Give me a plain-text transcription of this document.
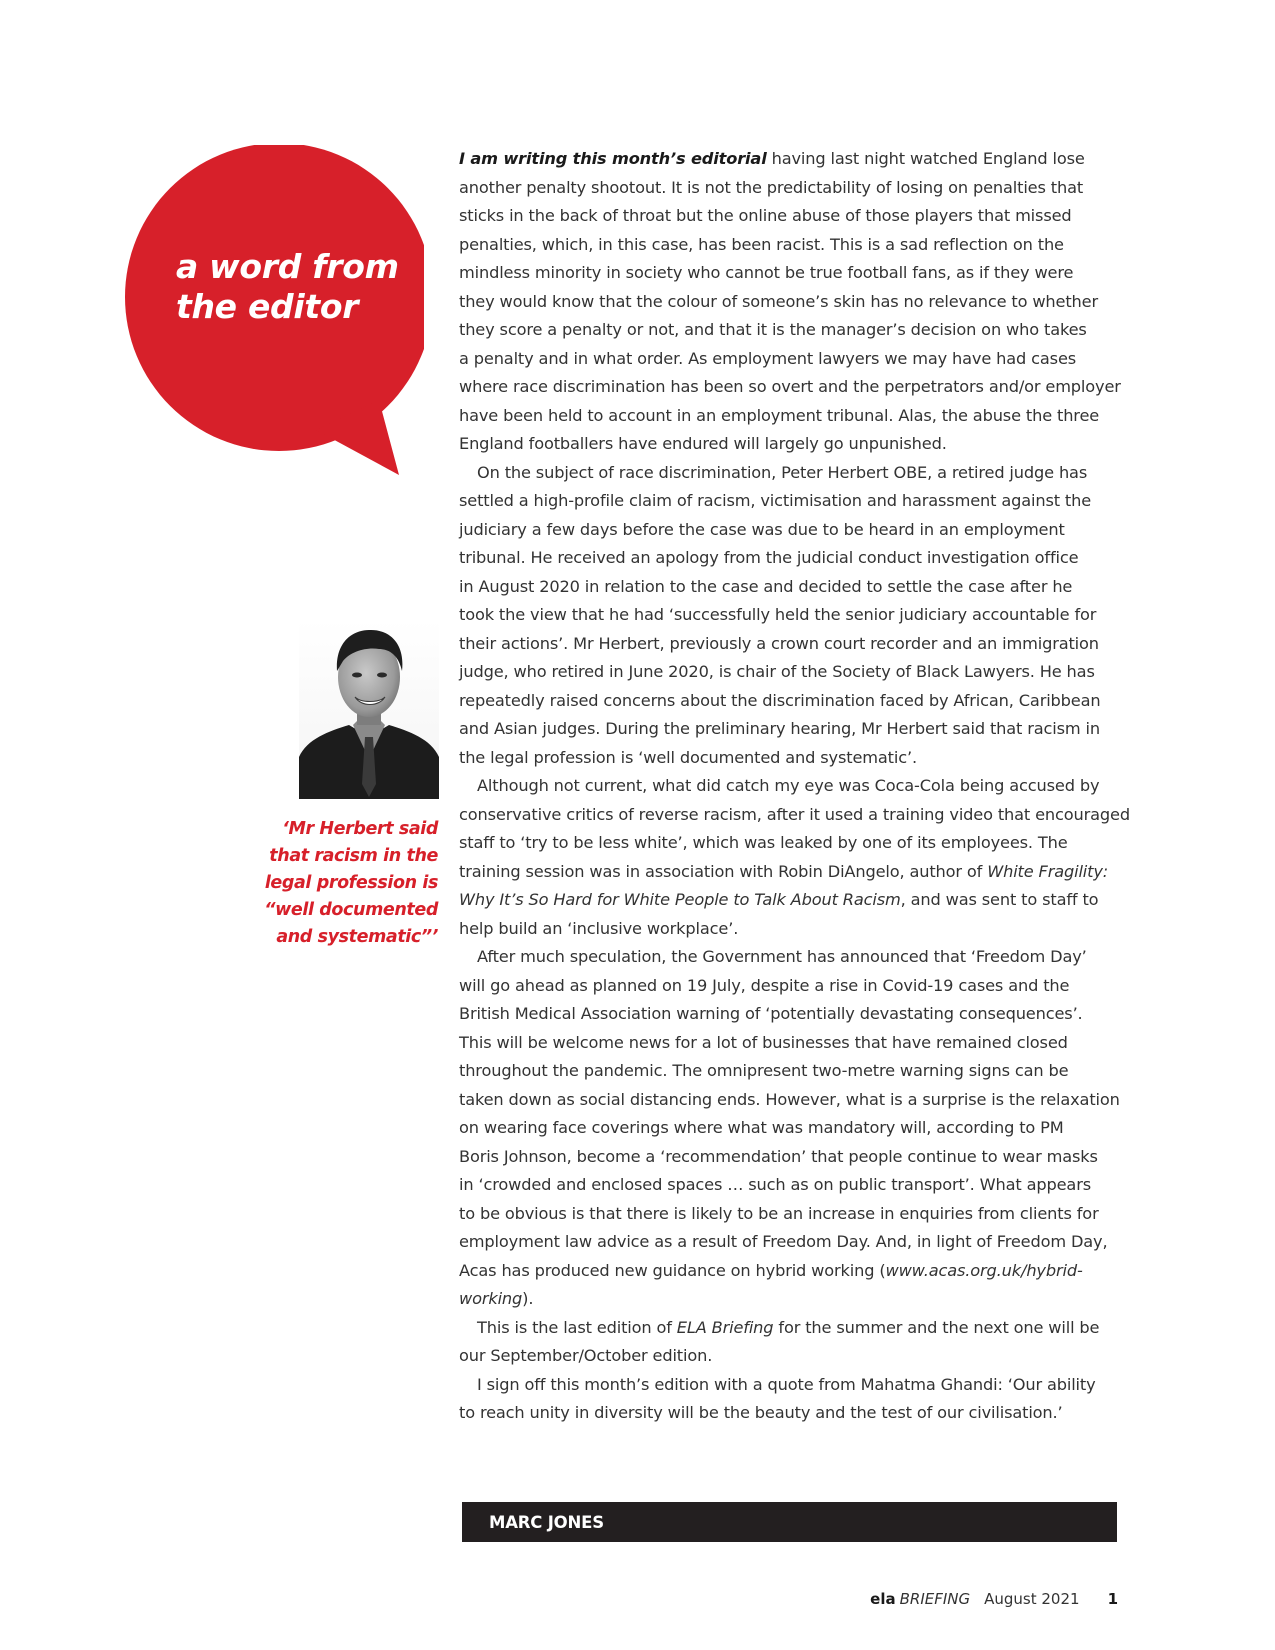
a word from
the editor
‘Mr Herbert said
that racism in the
legal profession is
“well documented
and systematic”’
I am writing this month’s editorial having last night watched England lose
another penalty shootout. It is not the predictability of losing on penalties that
sticks in the back of throat but the online abuse of those players that missed
penalties, which, in this case, has been racist. This is a sad reflection on the
mindless minority in society who cannot be true football fans, as if they were
they would know that the colour of someone’s skin has no relevance to whether
they score a penalty or not, and that it is the manager’s decision on who takes
a penalty and in what order. As employment lawyers we may have had cases
where race discrimination has been so overt and the perpetrators and/or employer
have been held to account in an employment tribunal. Alas, the abuse the three
England footballers have endured will largely go unpunished.
On the subject of race discrimination, Peter Herbert OBE, a retired judge has
settled a high-profile claim of racism, victimisation and harassment against the
judiciary a few days before the case was due to be heard in an employment
tribunal. He received an apology from the judicial conduct investigation office
in August 2020 in relation to the case and decided to settle the case after he
took the view that he had ‘successfully held the senior judiciary accountable for
their actions’. Mr Herbert, previously a crown court recorder and an immigration
judge, who retired in June 2020, is chair of the Society of Black Lawyers. He has
repeatedly raised concerns about the discrimination faced by African, Caribbean
and Asian judges. During the preliminary hearing, Mr Herbert said that racism in
the legal profession is ‘well documented and systematic’.
Although not current, what did catch my eye was Coca-Cola being accused by
conservative critics of reverse racism, after it used a training video that encouraged
staff to ‘try to be less white’, which was leaked by one of its employees. The
training session was in association with Robin DiAngelo, author of White Fragility:
Why It’s So Hard for White People to Talk About Racism, and was sent to staff to
help build an ‘inclusive workplace’.
After much speculation, the Government has announced that ‘Freedom Day’
will go ahead as planned on 19 July, despite a rise in Covid-19 cases and the
British Medical Association warning of ‘potentially devastating consequences’.
This will be welcome news for a lot of businesses that have remained closed
throughout the pandemic. The omnipresent two-metre warning signs can be
taken down as social distancing ends. However, what is a surprise is the relaxation
on wearing face coverings where what was mandatory will, according to PM
Boris Johnson, become a ‘recommendation’ that people continue to wear masks
in ‘crowded and enclosed spaces … such as on public transport’. What appears
to be obvious is that there is likely to be an increase in enquiries from clients for
employment law advice as a result of Freedom Day. And, in light of Freedom Day,
Acas has produced new guidance on hybrid working (www.acas.org.uk/hybrid-
working).
This is the last edition of ELA Briefing for the summer and the next one will be
our September/October edition.
I sign off this month’s edition with a quote from Mahatma Ghandi: ‘Our ability
to reach unity in diversity will be the beauty and the test of our civilisation.’
MARC JONES
ela BRIEFING August 2021 1
